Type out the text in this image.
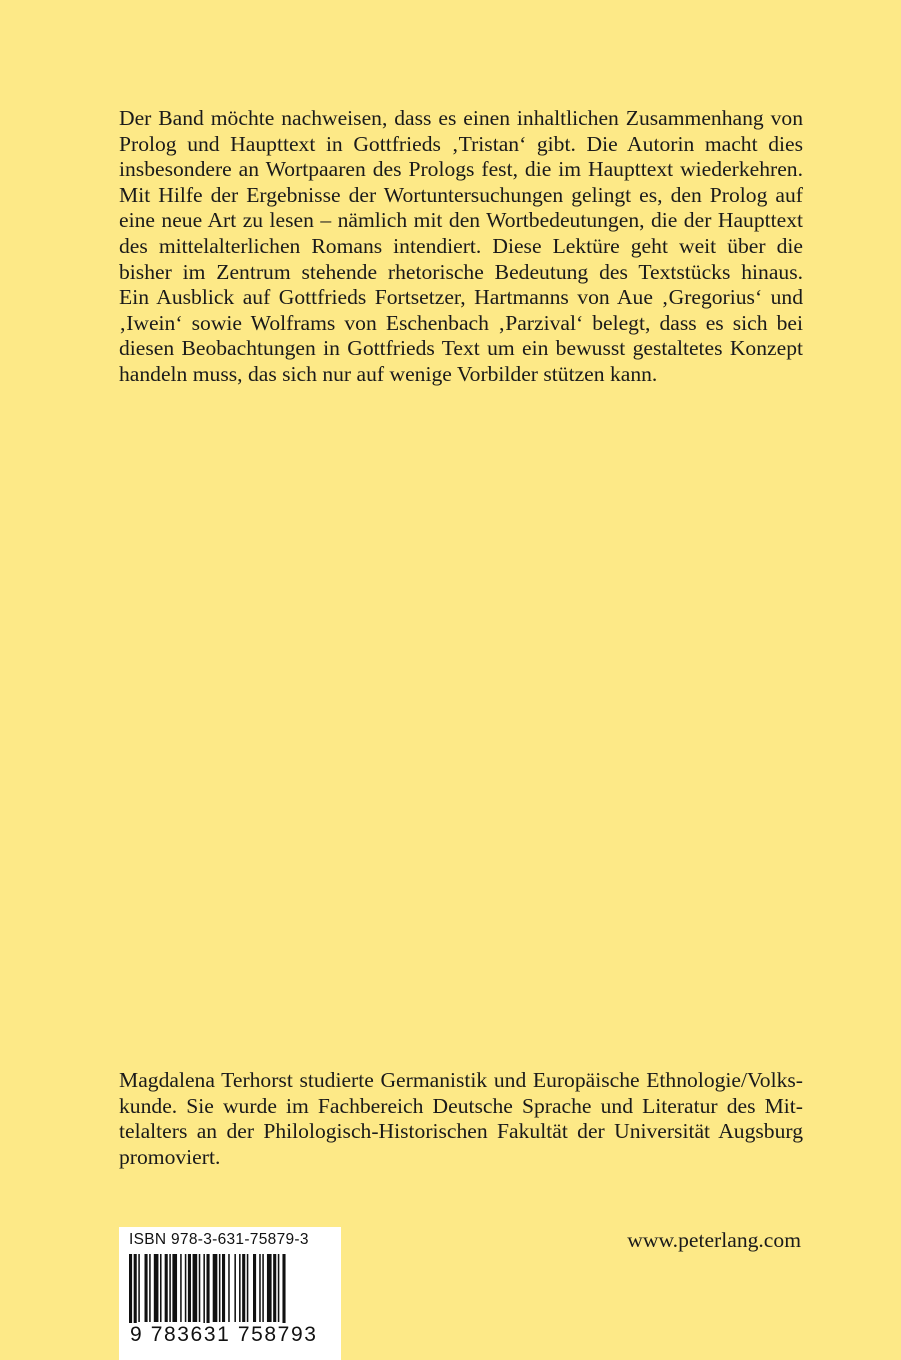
Der Band möchte nachweisen, dass es einen inhaltlichen Zusammenhang von
Prolog und Haupttext in Gottfrieds ‚Tristan‘ gibt. Die Autorin macht dies
insbesondere an Wortpaaren des Prologs fest, die im Haupttext wiederkehren.
Mit Hilfe der Ergebnisse der Wortuntersuchungen gelingt es, den Prolog auf
eine neue Art zu lesen – nämlich mit den Wortbedeutungen, die der Haupttext
des mittelalterlichen Romans intendiert. Diese Lektüre geht weit über die
bisher im Zentrum stehende rhetorische Bedeutung des Textstücks hinaus.
Ein Ausblick auf Gottfrieds Fortsetzer, Hartmanns von Aue ‚Gregorius‘ und
‚Iwein‘ sowie Wolframs von Eschenbach ‚Parzival‘ belegt, dass es sich bei
diesen Beobachtungen in Gottfrieds Text um ein bewusst gestaltetes Konzept
handeln muss, das sich nur auf wenige Vorbilder stützen kann.
Magdalena Terhorst studierte Germanistik und Europäische Ethnologie/Volks-
kunde. Sie wurde im Fachbereich Deutsche Sprache und Literatur des Mit-
telalters an der Philologisch-Historischen Fakultät der Universität Augsburg
promoviert.
ISBN 978-3-631-75879-3
9 783631 758793
www.peterlang.com
